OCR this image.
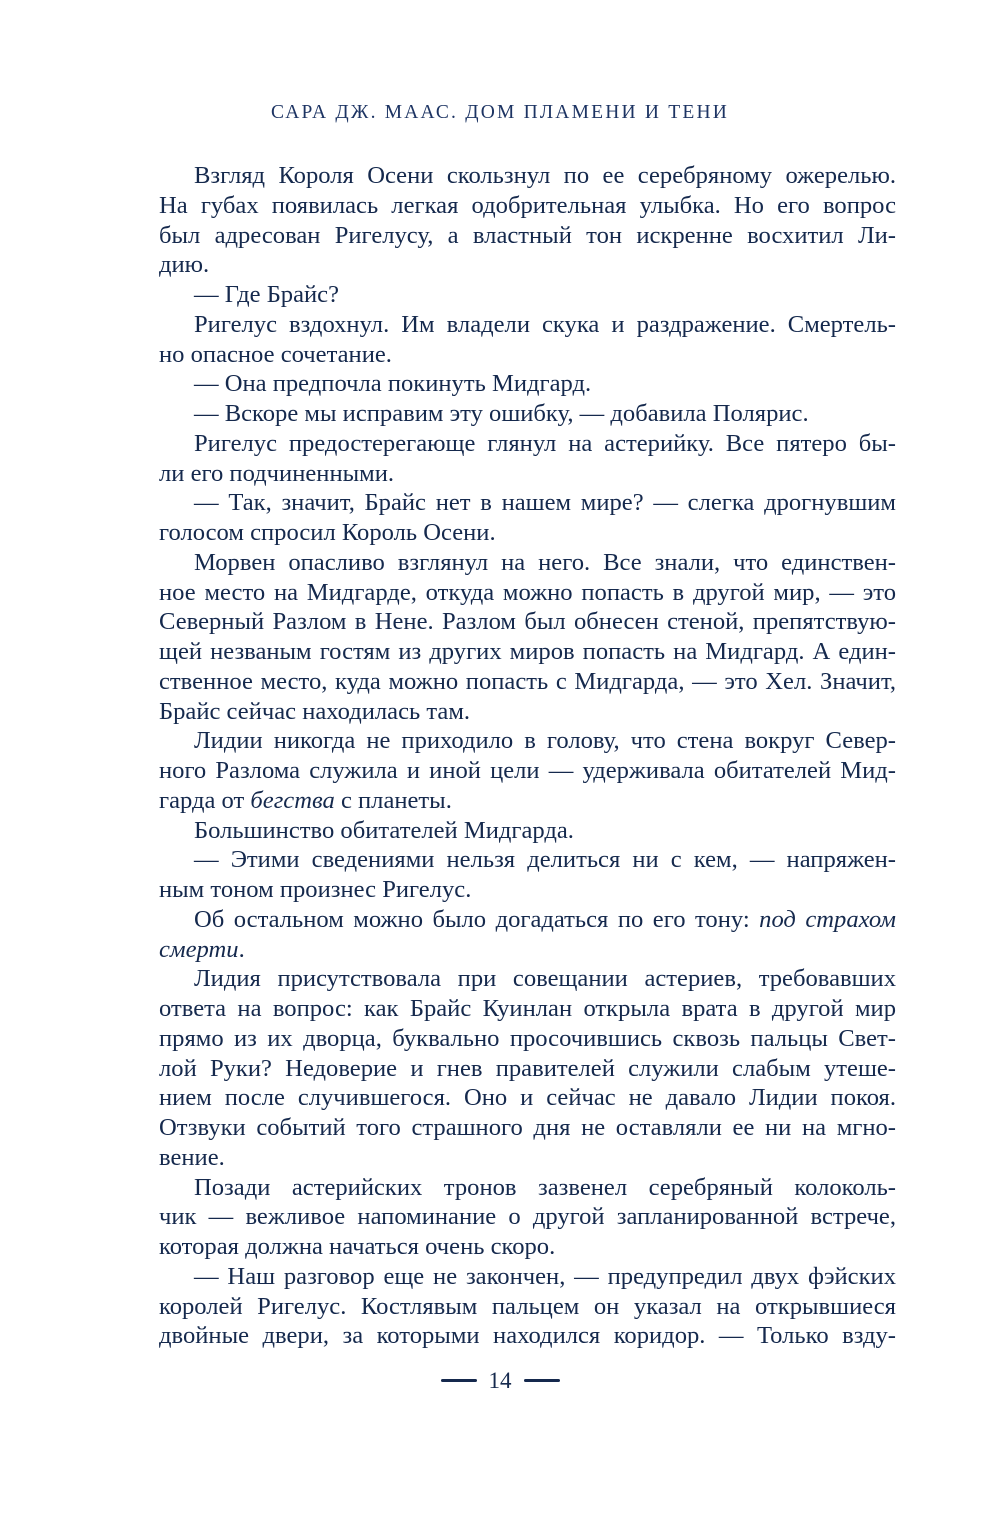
САРА ДЖ. МААС. ДОМ ПЛАМЕНИ И ТЕНИ
Взгляд Короля Осени скользнул по ее серебряному ожерелью.
На губах появилась легкая одобрительная улыбка. Но его вопрос
был адресован Ригелусу, а властный тон искренне восхитил Ли-
дию.
— Где Брайс?
Ригелус вздохнул. Им владели скука и раздражение. Смертель-
но опасное сочетание.
— Она предпочла покинуть Мидгард.
— Вскоре мы исправим эту ошибку, — добавила Полярис.
Ригелус предостерегающе глянул на астерийку. Все пятеро бы-
ли его подчиненными.
— Так, значит, Брайс нет в нашем мире? — слегка дрогнувшим
голосом спросил Король Осени.
Морвен опасливо взглянул на него. Все знали, что единствен-
ное место на Мидгарде, откуда можно попасть в другой мир, — это
Северный Разлом в Нене. Разлом был обнесен стеной, препятствую-
щей незваным гостям из других миров попасть на Мидгард. А един-
ственное место, куда можно попасть с Мидгарда, — это Хел. Значит,
Брайс сейчас находилась там.
Лидии никогда не приходило в голову, что стена вокруг Север-
ного Разлома служила и иной цели — удерживала обитателей Мид-
гарда от бегства с планеты.
Большинство обитателей Мидгарда.
— Этими сведениями нельзя делиться ни с кем, — напряжен-
ным тоном произнес Ригелус.
Об остальном можно было догадаться по его тону: под страхом
смерти.
Лидия присутствовала при совещании астериев, требовавших
ответа на вопрос: как Брайс Куинлан открыла врата в другой мир
прямо из их дворца, буквально просочившись сквозь пальцы Свет-
лой Руки? Недоверие и гнев правителей служили слабым утеше-
нием после случившегося. Оно и сейчас не давало Лидии покоя.
Отзвуки событий того страшного дня не оставляли ее ни на мгно-
вение.
Позади астерийских тронов зазвенел серебряный колоколь-
чик — вежливое напоминание о другой запланированной встрече,
которая должна начаться очень скоро.
— Наш разговор еще не закончен, — предупредил двух фэйских
королей Ригелус. Костлявым пальцем он указал на открывшиеся
двойные двери, за которыми находился коридор. — Только взду-
14
